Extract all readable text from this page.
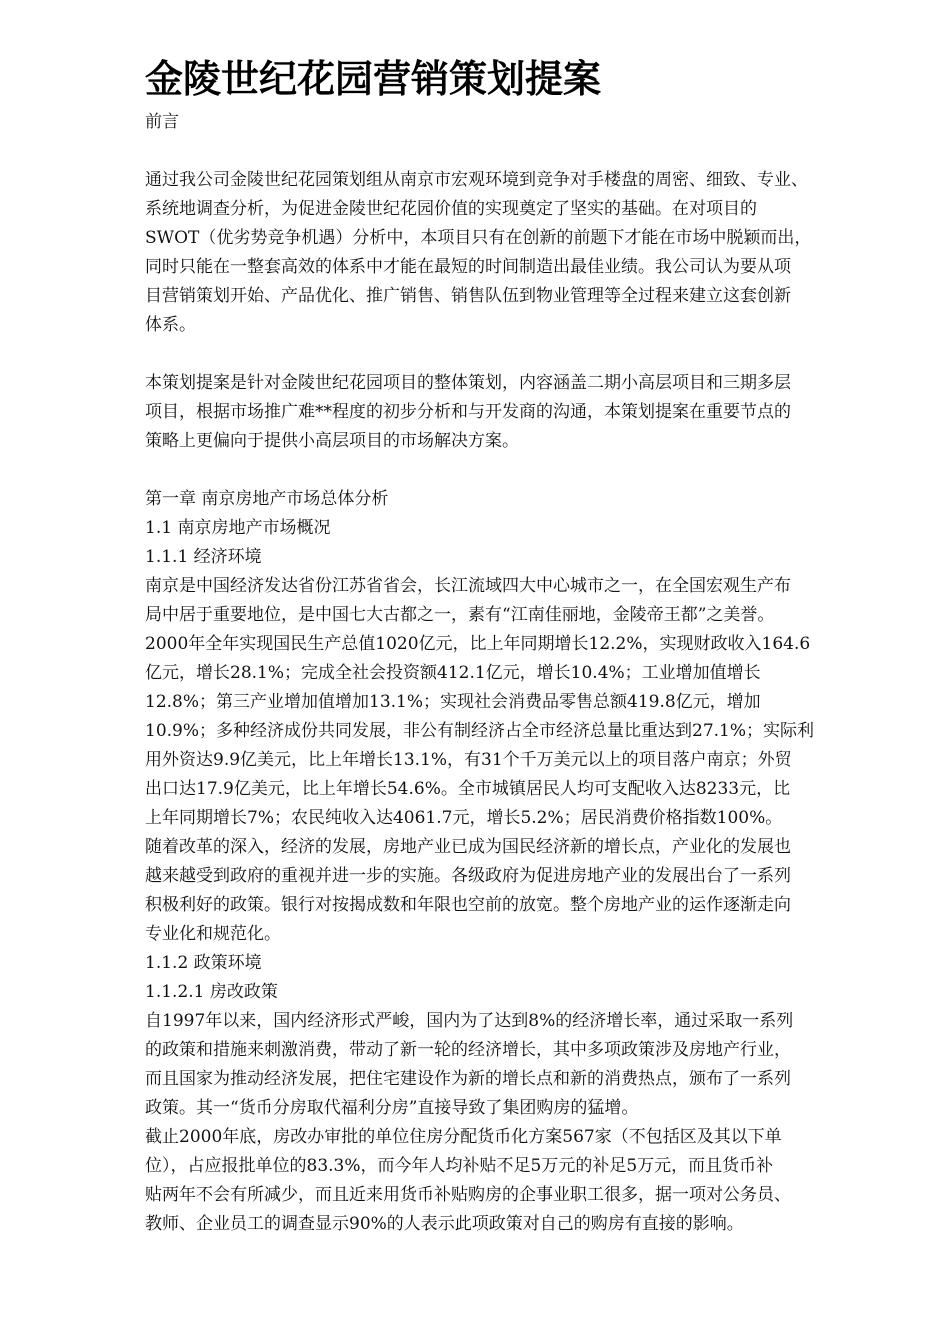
金陵世纪花园营销策划提案
前言
通过我公司金陵世纪花园策划组从南京市宏观环境到竞争对手楼盘的周密、细致、专业、
系统地调查分析，为促进金陵世纪花园价值的实现奠定了坚实的基础。在对项目的
SWOT（优劣势竞争机遇）分析中，本项目只有在创新的前题下才能在市场中脱颖而出，
同时只能在一整套高效的体系中才能在最短的时间制造出最佳业绩。我公司认为要从项
目营销策划开始、产品优化、推广销售、销售队伍到物业管理等全过程来建立这套创新
体系。
本策划提案是针对金陵世纪花园项目的整体策划，内容涵盖二期小高层项目和三期多层
项目，根据市场推广难**程度的初步分析和与开发商的沟通，本策划提案在重要节点的
策略上更偏向于提供小高层项目的市场解决方案。
第一章 南京房地产市场总体分析
1.1 南京房地产市场概况
1.1.1 经济环境
南京是中国经济发达省份江苏省省会，长江流域四大中心城市之一，在全国宏观生产布
局中居于重要地位，是中国七大古都之一，素有“江南佳丽地，金陵帝王都”之美誉。
2000年全年实现国民生产总值1020亿元，比上年同期增长12.2%，实现财政收入164.6
亿元，增长28.1%；完成全社会投资额412.1亿元，增长10.4%；工业增加值增长
12.8%；第三产业增加值增加13.1%；实现社会消费品零售总额419.8亿元，增加
10.9%；多种经济成份共同发展，非公有制经济占全市经济总量比重达到27.1%；实际利
用外资达9.9亿美元，比上年增长13.1%，有31个千万美元以上的项目落户南京；外贸
出口达17.9亿美元，比上年增长54.6%。全市城镇居民人均可支配收入达8233元，比
上年同期增长7%；农民纯收入达4061.7元，增长5.2%；居民消费价格指数100%。
随着改革的深入，经济的发展，房地产业已成为国民经济新的增长点，产业化的发展也
越来越受到政府的重视并进一步的实施。各级政府为促进房地产业的发展出台了一系列
积极利好的政策。银行对按揭成数和年限也空前的放宽。整个房地产业的运作逐渐走向
专业化和规范化。
1.1.2 政策环境
1.1.2.1 房改政策
自1997年以来，国内经济形式严峻，国内为了达到8%的经济增长率，通过采取一系列
的政策和措施来刺激消费，带动了新一轮的经济增长，其中多项政策涉及房地产行业，
而且国家为推动经济发展，把住宅建设作为新的增长点和新的消费热点，颁布了一系列
政策。其一“货币分房取代福利分房”直接导致了集团购房的猛增。
截止2000年底，房改办审批的单位住房分配货币化方案567家（不包括区及其以下单
位），占应报批单位的83.3%，而今年人均补贴不足5万元的补足5万元，而且货币补
贴两年不会有所减少，而且近来用货币补贴购房的企事业职工很多，据一项对公务员、
教师、企业员工的调查显示90%的人表示此项政策对自己的购房有直接的影响。
